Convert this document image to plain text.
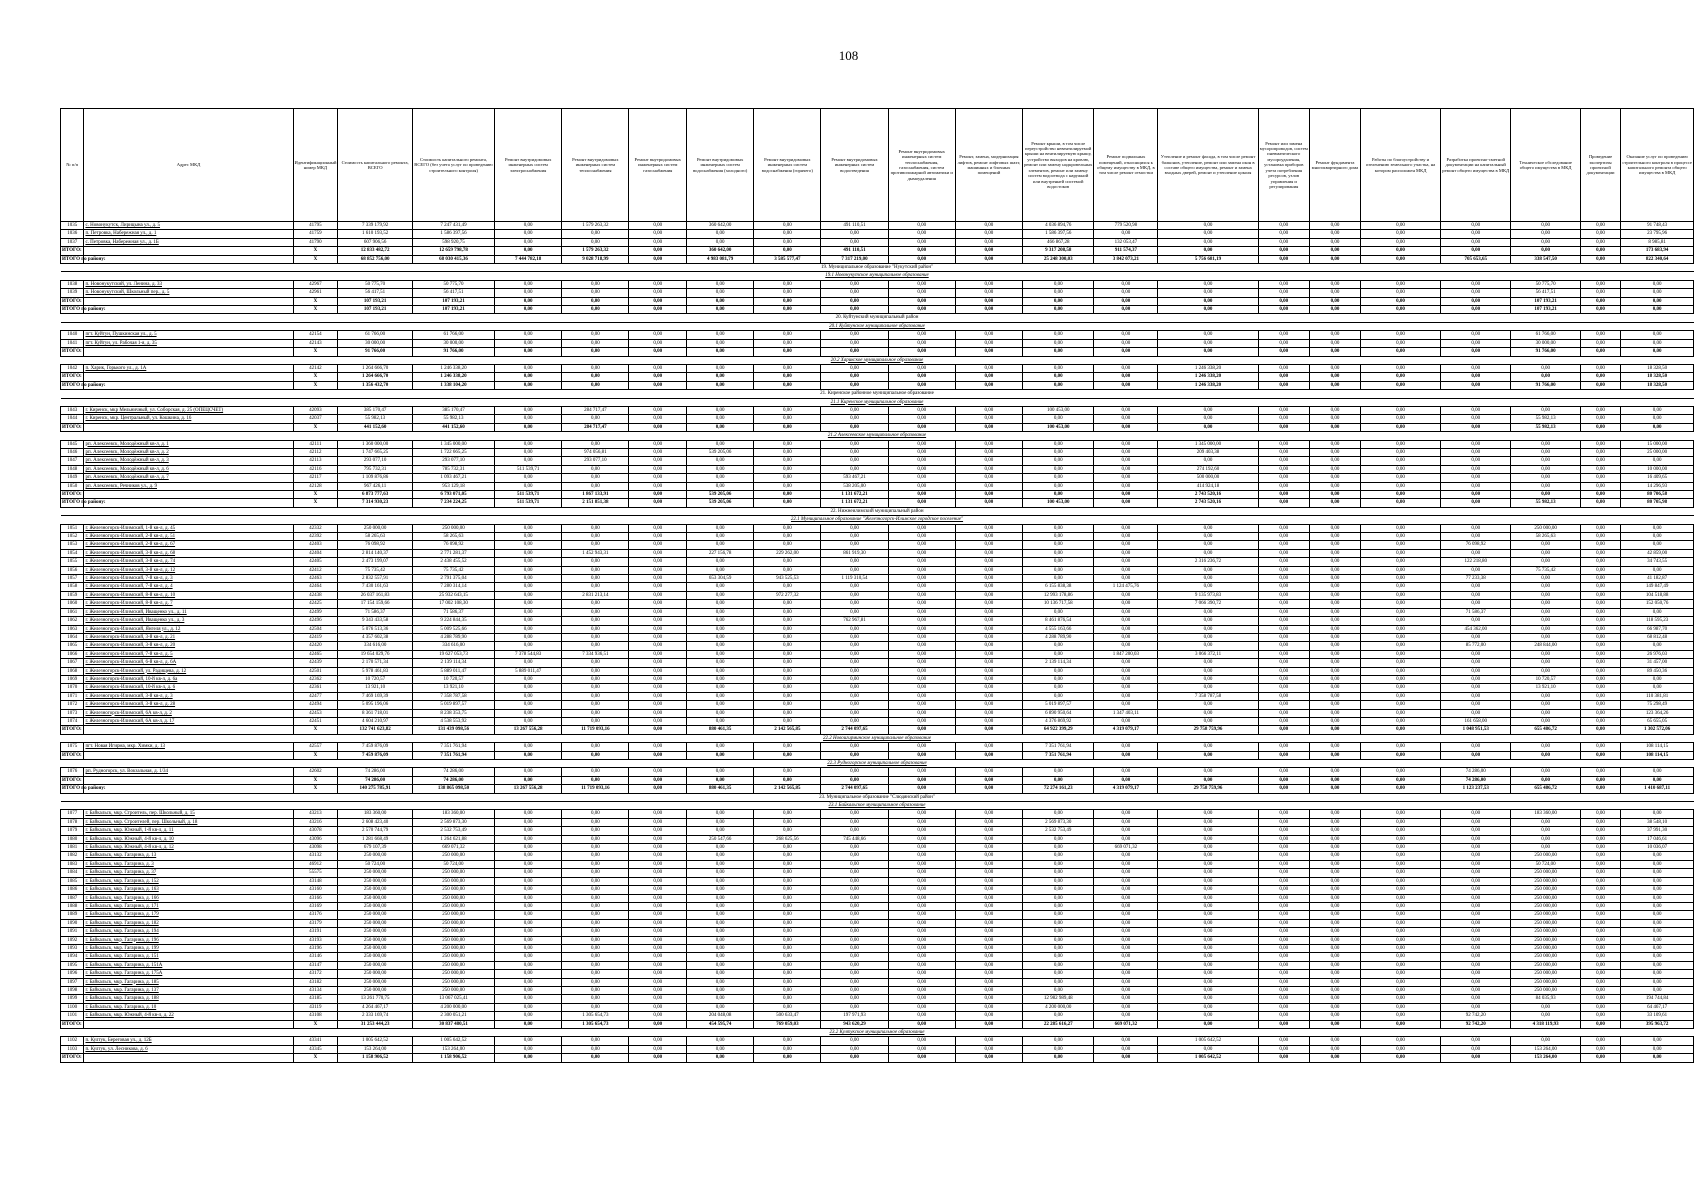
108
№ п/п	Адрес МКД	Идентификационный номер МКД	Стоимость капитального ремонта, ВСЕГО	Стоимость капитального ремонта, ВСЕГО (без учета услуг по проведению строительного контроля)	Ремонт внутридомовых инженерных систем электроснабжения	Ремонт внутридомовых инженерных систем теплоснабжения	Ремонт внутридомовых инженерных систем газоснабжения	Ремонт внутридомовых инженерных систем водоснабжения (холодного)	Ремонт внутридомовых инженерных систем водоснабжения (горячего)	Ремонт внутридомовых инженерных систем водоотведения	Ремонт внутридомовых инженерных систем теплоснабжения, газоснабжения, систем противопожарной автоматики и дымоудаления	Ремонт, замена, модернизация лифтов, ремонт лифтовых шахт, машинных и блочных помещений	Ремонт крыши, в том числе переустройство невентилируемой крыши на вентилируемую крышу, устройство выходов на кровлю, ремонт или замену надкровельных элементов, ремонт или замену систем водоотвода с наружной или внутренней системой водостоков	Ремонт подвальных помещений, относящихся к общему имуществу в МКД, в том числе ремонт отмостки	Утепление и ремонт фасада, в том числе ремонт балконов, утепление, ремонт или замена окон в составе общего имущества, ремонт и замена входных дверей, ремонт и утепление цоколя	Ремонт или замена мусоропроводов, систем пневматического мусороудаления, установка приборов учета потребления ресурсов, узлов управления и регулирования	Ремонт фундамента многоквартирного дома	Работы по благоустройству и озеленению земельного участка, на котором расположен МКД	Разработка проектно-сметной документации на капитальный ремонт общего имущества в МКД	Техническое обследование общего имущества в МКД	Проведение экспертизы проектной документации	Оказание услуг по проведению строительного контроля в процессе капитального ремонта общего имущества в МКД
1035	с. Новонукутск, Лирицына ул., д. 5	41795	7 339 179,92	7 247 431,49	0,00	1 579 263,32	0,00	360 642,00	0,00	491 110,51	0,00	0,00	4 036 894,76	779 520,98	0,00	0,00	0,00	0,00	0,00	0,00	0,00	91 748,43
1036	п. Петровка, Набережная ул., д. 1	41759	1 610 193,52	1 586 397,56	0,00	0,00	0,00	0,00	0,00	0,00	0,00	0,00	1 586 397,56	0,00	0,00	0,00	0,00	0,00	0,00	0,00	0,00	23 795,96
1037	с. Петровка, Набережная ул., д. 1Б	41790	607 906,56	598 920,75	0,00	0,00	0,00	0,00	0,00	0,00	0,00	0,00	466 867,28	132 053,47	0,00	0,00	0,00	0,00	0,00	0,00	0,00	8 985,81
ИТОГО:		X	12 833 482,72	12 659 798,78	0,00	1 579 263,32	0,00	360 642,00	0,00	491 110,51	0,00	0,00	9 317 208,58	911 574,37	0,00	0,00	0,00	0,00	0,00	0,00	0,00	173 683,94
ИТОГО по району:		X	68 852 756,00	68 030 415,36	7 444 782,18	9 028 718,99	0,00	4 983 081,79	3 585 577,47	7 317 219,00	0,00	0,00	25 248 300,03	3 842 073,21	5 756 681,19	0,00	0,00	0,00	705 653,65	338 547,50	0,00	822 340,64
19. Муниципальное образование "Нукутский район"																						
19.1 Новонукутское муниципальное образование																						
1038	п. Новонукутский, ул. Ленина, д. 33	42967	50 775,70	50 775,70	0,00	0,00	0,00	0,00	0,00	0,00	0,00	0,00	0,00	0,00	0,00	0,00	0,00	0,00	0,00	50 775,70	0,00	0,00
1039	п. Новонукутский, Школьный пер., д. 5	42961	56 417,51	56 417,51	0,00	0,00	0,00	0,00	0,00	0,00	0,00	0,00	0,00	0,00	0,00	0,00	0,00	0,00	0,00	56 417,51	0,00	0,00
ИТОГО:		X	107 193,21	107 193,21	0,00	0,00	0,00	0,00	0,00	0,00	0,00	0,00	0,00	0,00	0,00	0,00	0,00	0,00	0,00	107 193,21	0,00	0,00
ИТОГО по району:		X	107 193,21	107 193,21	0,00	0,00	0,00	0,00	0,00	0,00	0,00	0,00	0,00	0,00	0,00	0,00	0,00	0,00	0,00	107 193,21	0,00	0,00
20. Куйтунский муниципальный район																						
20.1 Куйтунское муниципальное образование																						
1040	пгт. Куйтун, Пушкинская ул., д. 5	42154	61 766,00	61 766,00	0,00	0,00	0,00	0,00	0,00	0,00	0,00	0,00	0,00	0,00	0,00	0,00	0,00	0,00	0,00	61 766,00	0,00	0,00
1041	пгт. Куйтун, ул. Рабочая 1-я, д. 35	42143	30 000,00	30 000,00	0,00	0,00	0,00	0,00	0,00	0,00	0,00	0,00	0,00	0,00	0,00	0,00	0,00	0,00	0,00	30 000,00	0,00	0,00
ИТОГО:		X	91 766,00	91 766,00	0,00	0,00	0,00	0,00	0,00	0,00	0,00	0,00	0,00	0,00	0,00	0,00	0,00	0,00	0,00	91 766,00	0,00	0,00
20.2 Харикское муниципальное образование																						
1042	п. Харик, Горького ул., д. 1А	42142	1 264 666,70	1 246 338,20	0,00	0,00	0,00	0,00	0,00	0,00	0,00	0,00	0,00	0,00	1 246 338,20	0,00	0,00	0,00	0,00	0,00	0,00	18 328,50
ИТОГО:		X	1 264 666,70	1 246 338,20	0,00	0,00	0,00	0,00	0,00	0,00	0,00	0,00	0,00	0,00	1 246 338,20	0,00	0,00	0,00	0,00	0,00	0,00	18 328,50
ИТОГО по району:		X	1 356 432,70	1 338 104,20	0,00	0,00	0,00	0,00	0,00	0,00	0,00	0,00	0,00	0,00	1 246 338,20	0,00	0,00	0,00	0,00	91 766,00	0,00	18 328,50
21. Киренское районное муниципальное образование																						
21.1 Киренское муниципальное образование																						
1043	г. Киренск, мкр Мельничный, ул. Соборская, д. 25 (ОПЕЦСЧЕТ)	42093	385 170,47	385 170,47	0,00	284 717,47	0,00	0,00	0,00	0,00	0,00	0,00	100 453,00	0,00	0,00	0,00	0,00	0,00	0,00	0,00	0,00	0,00
1044	г. Киренск, мкр. Центральный, ул. Кошкина, д. 16	42037	55 982,13	55 982,13	0,00	0,00	0,00	0,00	0,00	0,00	0,00	0,00	0,00	0,00	0,00	0,00	0,00	0,00	0,00	55 982,13	0,00	0,00
ИТОГО:		X	441 152,60	441 152,60	0,00	284 717,47	0,00	0,00	0,00	0,00	0,00	0,00	100 453,00	0,00	0,00	0,00	0,00	0,00	0,00	55 982,13	0,00	0,00
21.2 Алексеевское муниципальное образование																						
1045	рп. Алексеевск, Молодёжный кв-л, д. 1	42111	1 360 000,00	1 345 000,00	0,00	0,00	0,00	0,00	0,00	0,00	0,00	0,00	0,00	0,00	1 345 000,00	0,00	0,00	0,00	0,00	0,00	0,00	15 000,00
1046	рп. Алексеевск, Молодёжный кв-л, д. 2	42112	1 747 665,25	1 722 665,25	0,00	974 056,81	0,00	539 205,06	0,00	0,00	0,00	0,00	0,00	0,00	209 403,38	0,00	0,00	0,00	0,00	0,00	0,00	25 000,00
1047	рп. Алексеевск, Молодёжный кв-л, д. 3	42113	293 077,10	293 077,10	0,00	293 077,10	0,00	0,00	0,00	0,00	0,00	0,00	0,00	0,00	0,00	0,00	0,00	0,00	0,00	0,00	0,00	0,00
1048	рп. Алексеевск, Молодёжный кв-л, д. 6	42116	795 732,31	785 732,31	511 539,71	0,00	0,00	0,00	0,00	0,00	0,00	0,00	0,00	0,00	274 192,60	0,00	0,00	0,00	0,00	0,00	0,00	10 000,00
1049	рп. Алексеевск, Молодёжный кв-л, д. 7	42117	1 109 876,86	1 093 467,21	0,00	0,00	0,00	0,00	0,00	593 467,21	0,00	0,00	0,00	0,00	500 000,00	0,00	0,00	0,00	0,00	0,00	0,00	16 409,65
1050	рп. Алексеевск, Речников ул., д. 9	42128	967 426,11	953 129,18	0,00	0,00	0,00	0,00	0,00	538 205,00	0,00	0,00	0,00	0,00	414 924,18	0,00	0,00	0,00	0,00	0,00	0,00	14 296,93
ИТОГО:		X	6 873 777,63	6 793 071,05	511 539,71	1 867 133,91	0,00	539 205,06	0,00	1 131 672,21	0,00	0,00	0,00	0,00	2 743 520,16	0,00	0,00	0,00	0,00	0,00	0,00	80 706,58
ИТОГО по району:		X	7 314 930,23	7 234 224,25	511 539,71	2 151 851,38	0,00	539 205,06	0,00	1 131 672,21	0,00	0,00	100 453,00	0,00	2 743 520,16	0,00	0,00	0,00	0,00	55 982,13	0,00	80 705,98
22. Нижнеилимский муниципальный район																						
22.1 Муниципальное образование "Железногорск-Илимское городское поселение"																						
1051	г. Железногорск-Илимский, 1-й кв-л, д. 45	42332	250 000,00	250 000,00	0,00	0,00	0,00	0,00	0,00	0,00	0,00	0,00	0,00	0,00	0,00	0,00	0,00	0,00	0,00	250 000,00	0,00	0,00
1052	г. Железногорск-Илимский, 2-й кв-л, д. 51	42392	58 265,63	58 265,63	0,00	0,00	0,00	0,00	0,00	0,00	0,00	0,00	0,00	0,00	0,00	0,00	0,00	0,00	0,00	58 265,63	0,00	0,00
1053	г. Железногорск-Илимский, 2-й кв-л, д. 67	42403	76 098,92	76 098,92	0,00	0,00	0,00	0,00	0,00	0,00	0,00	0,00	0,00	0,00	0,00	0,00	0,00	0,00	76 098,92	0,00	0,00	0,00
1054	г. Железногорск-Илимский, 3-й кв-л, д. 68	42404	2 814 140,37	2 771 281,37	0,00	1 452 943,31	0,00	227 156,78	229 262,00	861 919,30	0,00	0,00	0,00	0,00	0,00	0,00	0,00	0,00	0,00	0,00	0,00	42 859,00
1055	г. Железногорск-Илимский, 3-й кв-л, д. 74	42405	2 473 199,07	2 438 455,52	0,00	0,00	0,00	0,00	0,00	0,00	0,00	0,00	0,00	0,00	2 316 236,72	0,00	0,00	0,00	122 218,80	0,00	0,00	34 743,55
1056	г. Железногорск-Илимский, 3-й кв-л, д. 12	42412	75 735,42	75 735,42	0,00	0,00	0,00	0,00	0,00	0,00	0,00	0,00	0,00	0,00	0,00	0,00	0,00	0,00	0,00	75 735,42	0,00	0,00
1057	г. Железногорск-Илимский, 7-й кв-л, д. 3	42463	2 832 557,91	2 791 375,04	0,00	0,00	0,00	653 304,59	943 525,53	1 119 310,54	0,00	0,00	0,00	0,00	0,00	0,00	0,00	0,00	77 233,38	0,00	0,00	41 182,87
1058	г. Железногорск-Илимский, 7-й кв-л, д. 4	42464	7 430 161,63	7 280 314,14	0,00	0,00	0,00	0,00	0,00	0,00	0,00	0,00	6 155 838,38	1 124 475,76	0,00	0,00	0,00	0,00	0,00	0,00	0,00	149 847,49
1059	г. Железногорск-Илимский, 8-й кв-л, д. 10	42438	26 037 161,83	25 932 643,15	0,00	2 831 213,14	0,00	0,00	972 277,32	0,00	0,00	0,00	12 993 178,86	0,00	9 135 973,83	0,00	0,00	0,00	0,00	0,00	0,00	104 518,88
1060	г. Железногорск-Илимский, 8-й кв-л, д. 7	42425	17 154 159,66	17 002 108,30	0,00	0,00	0,00	0,00	0,00	0,00	0,00	0,00	10 136 717,58	0,00	7 066 390,72	0,00	0,00	0,00	0,00	0,00	0,00	152 050,76
1061	г. Железногорск-Илимский, Иващенко ул., д. 11	42499	71 586,37	71 586,37	0,00	0,00	0,00	0,00	0,00	0,00	0,00	0,00	0,00	0,00	0,00	0,00	0,00	0,00	71 586,37	0,00	0,00	0,00
1062	г. Железногорск-Илимский, Иващенко ул., д. 3	42496	9 343 433,58	9 224 844,35	0,00	0,00	0,00	0,00	0,00	762 967,81	0,00	0,00	8 461 876,54	0,00	0,00	0,00	0,00	0,00	0,00	0,00	0,00	118 595,23
1063	г. Железногорск-Илимский, Янгеля ул., д. 12	42504	5 076 513,36	5 009 525,66	0,00	0,00	0,00	0,00	0,00	0,00	0,00	0,00	4 555 163,66	0,00	0,00	0,00	0,00	0,00	454 362,00	0,00	0,00	66 987,70
1064	г. Железногорск-Илимский, 3-й кв-л, д. 21	42419	4 357 602,38	4 288 789,90	0,00	0,00	0,00	0,00	0,00	0,00	0,00	0,00	4 288 789,90	0,00	0,00	0,00	0,00	0,00	0,00	0,00	0,00	68 812,48
1065	г. Железногорск-Илимский, 3-й кв-л, д. 20	42420	334 616,00	334 616,00	0,00	0,00	0,00	0,00	0,00	0,00	0,00	0,00	0,00	0,00	0,00	0,00	0,00	0,00	85 772,00	248 844,00	0,00	0,00
1066	г. Железногорск-Илимский, 7-й кв-л, д. 5	42465	19 654 029,76	19 627 053,73	7 378 544,83	7 334 936,51	0,00	0,00	0,00	0,00	0,00	0,00	0,00	1 847 200,03	3 066 372,11	0,00	0,00	0,00	0,00	0,00	0,00	26 976,03
1067	г. Железногорск-Илимский, 6-й кв-л, д. 6А	42439	2 170 571,34	2 139 114,34	0,00	0,00	0,00	0,00	0,00	0,00	0,00	0,00	2 139 114,34	0,00	0,00	0,00	0,00	0,00	0,00	0,00	0,00	31 457,00
1068	г. Железногорск-Илимский, ул. Радищева, д. 12	42501	5 978 461,83	5 889 011,47	5 889 011,47	0,00	0,00	0,00	0,00	0,00	0,00	0,00	0,00	0,00	0,00	0,00	0,00	0,00	0,00	0,00	0,00	89 450,36
1069	г. Железногорск-Илимский, 10-й кв-л, д. 6а	42362	10 720,57	10 720,57	0,00	0,00	0,00	0,00	0,00	0,00	0,00	0,00	0,00	0,00	0,00	0,00	0,00	0,00	0,00	10 720,57	0,00	0,00
1070	г. Железногорск-Илимский, 10-й кв-л, д. 6	42361	13 921,10	13 921,10	0,00	0,00	0,00	0,00	0,00	0,00	0,00	0,00	0,00	0,00	0,00	0,00	0,00	0,00	0,00	13 921,10	0,00	0,00
1071	г. Железногорск-Илимский, 3-й кв-л, д. 3	42477	7 469 169,39	7 358 787,58	0,00	0,00	0,00	0,00	0,00	0,00	0,00	0,00	0,00	0,00	7 358 787,58	0,00	0,00	0,00	0,00	0,00	0,00	110 381,81
1072	г. Железногорск-Илимский, 3-й кв-л, д. 28	42494	5 095 196,06	5 019 897,57	0,00	0,00	0,00	0,00	0,00	0,00	0,00	0,00	5 019 897,57	0,00	0,00	0,00	0,00	0,00	0,00	0,00	0,00	75 298,49
1073	г. Железногорск-Илимский, 6А кв-л, д. 2	42453	8 361 718,01	8 238 353,75	0,00	0,00	0,00	0,00	0,00	0,00	0,00	0,00	6 890 950,64	1 347 403,11	0,00	0,00	0,00	0,00	0,00	0,00	0,00	123 364,26
1074	г. Железногорск-Илимский, 6А кв-л, д. 17	42451	4 604 210,97	4 538 553,92	0,00	0,00	0,00	0,00	0,00	0,00	0,00	0,00	4 376 869,92	0,00	0,00	0,00	0,00	0,00	161 658,00	0,00	0,00	65 655,05
ИТОГО:		X	132 741 623,82	131 439 098,56	13 267 556,28	11 719 093,16	0,00	880 461,35	2 142 565,85	2 744 097,65	0,00	0,00	64 922 399,29	4 319 079,17	29 758 759,96	0,00	0,00	0,00	1 048 951,53	655 486,72	0,00	1 302 572,06
22.2 Новоигирминское муниципальное образование																						
1075	пгт. Новая Игирма, мкр. Химки, д. 13	42557	7 459 876,09	7 351 761,94	0,00	0,00	0,00	0,00	0,00	0,00	0,00	0,00	7 351 761,94	0,00	0,00	0,00	0,00	0,00	0,00	0,00	0,00	108 114,15
ИТОГО:		X	7 459 876,09	7 351 761,94	0,00	0,00	0,00	0,00	0,00	0,00	0,00	0,00	7 351 761,94	0,00	0,00	0,00	0,00	0,00	0,00	0,00	0,00	108 114,15
22.3 Рудногорское муниципальное образование																						
1076	рп. Рудногорск, ул. Вокзальная, д. 1/34	42602	74 286,00	74 286,00	0,00	0,00	0,00	0,00	0,00	0,00	0,00	0,00	0,00	0,00	0,00	0,00	0,00	0,00	74 286,00	0,00	0,00	0,00
ИТОГО:		X	74 286,00	74 286,00	0,00	0,00	0,00	0,00	0,00	0,00	0,00	0,00	0,00	0,00	0,00	0,00	0,00	0,00	74 286,00	0,00	0,00	0,00
ИТОГО по району:		X	140 275 785,91	138 865 098,50	13 267 556,28	11 719 093,16	0,00	880 461,35	2 142 565,85	2 744 097,65	0,00	0,00	72 274 161,23	4 319 079,17	29 758 759,96	0,00	0,00	0,00	1 123 237,53	655 486,72	0,00	1 410 687,11
23. Муниципальное образование "Слюдянский район"																						
23.1 Байкальское муниципальное образование																						
1077	г. Байкальск, мкр. Строитель, пер. Школьный, д. 15	43213	183 360,00	183 360,00	0,00	0,00	0,00	0,00	0,00	0,00	0,00	0,00	0,00	0,00	0,00	0,00	0,00	0,00	0,00	183 360,00	0,00	0,00
1078	г. Байкальск, мкр. Строителей, пер. Школьный, д. 18	43216	2 608 423,40	2 569 873,30	0,00	0,00	0,00	0,00	0,00	0,00	0,00	0,00	2 569 873,30	0,00	0,00	0,00	0,00	0,00	0,00	0,00	0,00	38 548,10
1079	г. Байкальск, мкр. Южный, 1-й кв-л, д. 11	43078	2 570 744,79	2 532 753,49	0,00	0,00	0,00	0,00	0,00	0,00	0,00	0,00	2 532 753,49	0,00	0,00	0,00	0,00	0,00	0,00	0,00	0,00	37 991,30
1080	г. Байкальск, мкр. Южный, 4-й кв-л, д. 10	43096	1 281 668,49	1 264 621,88	0,00	0,00	0,00	250 547,66	268 625,56	745 448,66	0,00	0,00	0,00	0,00	0,00	0,00	0,00	0,00	0,00	0,00	0,00	17 046,61
1081	г. Байкальск, мкр. Южный, 4-й кв-л, д. 12	43098	679 107,39	669 071,32	0,00	0,00	0,00	0,00	0,00	0,00	0,00	0,00	0,00	669 071,32	0,00	0,00	0,00	0,00	0,00	0,00	0,00	10 036,07
1082	г. Байкальск, мкр. Гагарина, д. 13	43132	250 000,00	250 000,00	0,00	0,00	0,00	0,00	0,00	0,00	0,00	0,00	0,00	0,00	0,00	0,00	0,00	0,00	0,00	250 000,00	0,00	0,00
1083	г. Байкальск, мкр. Гагарина, д. 3	46912	50 724,00	50 724,00	0,00	0,00	0,00	0,00	0,00	0,00	0,00	0,00	0,00	0,00	0,00	0,00	0,00	0,00	0,00	50 724,00	0,00	0,00
1084	г. Байкальск, мкр. Гагарина, д. 37	55575	250 000,00	250 000,00	0,00	0,00	0,00	0,00	0,00	0,00	0,00	0,00	0,00	0,00	0,00	0,00	0,00	0,00	0,00	250 000,00	0,00	0,00
1085	г. Байкальск, мкр. Гагарина, д. 152	43148	250 000,00	250 000,00	0,00	0,00	0,00	0,00	0,00	0,00	0,00	0,00	0,00	0,00	0,00	0,00	0,00	0,00	0,00	250 000,00	0,00	0,00
1086	г. Байкальск, мкр. Гагарина, д. 163	43160	250 000,00	250 000,00	0,00	0,00	0,00	0,00	0,00	0,00	0,00	0,00	0,00	0,00	0,00	0,00	0,00	0,00	0,00	250 000,00	0,00	0,00
1087	г. Байкальск, мкр. Гагарина, д. 166	43166	250 000,00	250 000,00	0,00	0,00	0,00	0,00	0,00	0,00	0,00	0,00	0,00	0,00	0,00	0,00	0,00	0,00	0,00	250 000,00	0,00	0,00
1088	г. Байкальск, мкр. Гагарина, д. 171	43169	250 000,00	250 000,00	0,00	0,00	0,00	0,00	0,00	0,00	0,00	0,00	0,00	0,00	0,00	0,00	0,00	0,00	0,00	250 000,00	0,00	0,00
1089	г. Байкальск, мкр. Гагарина, д. 179	43176	250 000,00	250 000,00	0,00	0,00	0,00	0,00	0,00	0,00	0,00	0,00	0,00	0,00	0,00	0,00	0,00	0,00	0,00	250 000,00	0,00	0,00
1090	г. Байкальск, мкр. Гагарина, д. 182	43179	250 000,00	250 000,00	0,00	0,00	0,00	0,00	0,00	0,00	0,00	0,00	0,00	0,00	0,00	0,00	0,00	0,00	0,00	250 000,00	0,00	0,00
1091	г. Байкальск, мкр. Гагарина, д. 194	43191	250 000,00	250 000,00	0,00	0,00	0,00	0,00	0,00	0,00	0,00	0,00	0,00	0,00	0,00	0,00	0,00	0,00	0,00	250 000,00	0,00	0,00
1092	г. Байкальск, мкр. Гагарина, д. 196	43193	250 000,00	250 000,00	0,00	0,00	0,00	0,00	0,00	0,00	0,00	0,00	0,00	0,00	0,00	0,00	0,00	0,00	0,00	250 000,00	0,00	0,00
1093	г. Байкальск, мкр. Гагарина, д. 199	43196	250 000,00	250 000,00	0,00	0,00	0,00	0,00	0,00	0,00	0,00	0,00	0,00	0,00	0,00	0,00	0,00	0,00	0,00	250 000,00	0,00	0,00
1094	г. Байкальск, мкр. Гагарина, д. 151	43146	250 000,00	250 000,00	0,00	0,00	0,00	0,00	0,00	0,00	0,00	0,00	0,00	0,00	0,00	0,00	0,00	0,00	0,00	250 000,00	0,00	0,00
1095	г. Байкальск, мкр. Гагарина, д. 151А	43147	250 000,00	250 000,00	0,00	0,00	0,00	0,00	0,00	0,00	0,00	0,00	0,00	0,00	0,00	0,00	0,00	0,00	0,00	250 000,00	0,00	0,00
1096	г. Байкальск, мкр. Гагарина, д. 175А	43172	250 000,00	250 000,00	0,00	0,00	0,00	0,00	0,00	0,00	0,00	0,00	0,00	0,00	0,00	0,00	0,00	0,00	0,00	250 000,00	0,00	0,00
1097	г. Байкальск, мкр. Гагарина, д. 185	43182	250 000,00	250 000,00	0,00	0,00	0,00	0,00	0,00	0,00	0,00	0,00	0,00	0,00	0,00	0,00	0,00	0,00	0,00	250 000,00	0,00	0,00
1098	г. Байкальск, мкр. Гагарина, д. 137	43134	250 000,00	250 000,00	0,00	0,00	0,00	0,00	0,00	0,00	0,00	0,00	0,00	0,00	0,00	0,00	0,00	0,00	0,00	250 000,00	0,00	0,00
1099	г. Байкальск, мкр. Гагарина, д. 188	43185	13 261 770,75	13 067 025,41	0,00	0,00	0,00	0,00	0,00	0,00	0,00	0,00	12 982 989,48	0,00	0,00	0,00	0,00	0,00	0,00	84 035,93	0,00	194 744,84
1100	г. Байкальск, мкр. Гагарина, д. 10	43119	4 264 467,17	4 200 000,00	0,00	0,00	0,00	0,00	0,00	0,00	0,00	0,00	4 200 000,00	0,00	0,00	0,00	0,00	0,00	0,00	0,00	0,00	64 467,17
1101	г. Байкальск, мкр. Южный, 4-й кв-л, д. 22	43108	2 333 169,74	2 300 051,21	0,00	1 305 654,73	0,00	204 048,08	500 633,47	197 971,93	0,00	0,00	0,00	0,00	0,00	0,00	0,00	0,00	92 742,20	0,00	0,00	33 109,61
ИТОГО:		X	31 253 444,23	30 837 480,51	0,00	1 305 654,73	0,00	454 595,74	769 059,03	943 620,29	0,00	0,00	22 285 616,27	669 071,32	0,00	0,00	0,00	0,00	92 742,20	4 318 119,93	0,00	395 963,72
23.2 Култукское муниципальное образование																						
1102	п. Култук, Береговая ул., д. 12Б	43341	1 005 642,52	1 005 642,52	0,00	0,00	0,00	0,00	0,00	0,00	0,00	0,00	0,00	0,00	1 005 642,52	0,00	0,00	0,00	0,00	0,00	0,00	0,00
1103	п. Култук, ул. Лесникова, д. 6	43345	153 264,00	153 264,00	0,00	0,00	0,00	0,00	0,00	0,00	0,00	0,00	0,00	0,00	0,00	0,00	0,00	0,00	0,00	153 264,00	0,00	0,00
ИТОГО:		X	1 158 906,52	1 158 906,52	0,00	0,00	0,00	0,00	0,00	0,00	0,00	0,00	0,00	0,00	1 005 642,52	0,00	0,00	0,00	0,00	153 264,00	0,00	0,00
